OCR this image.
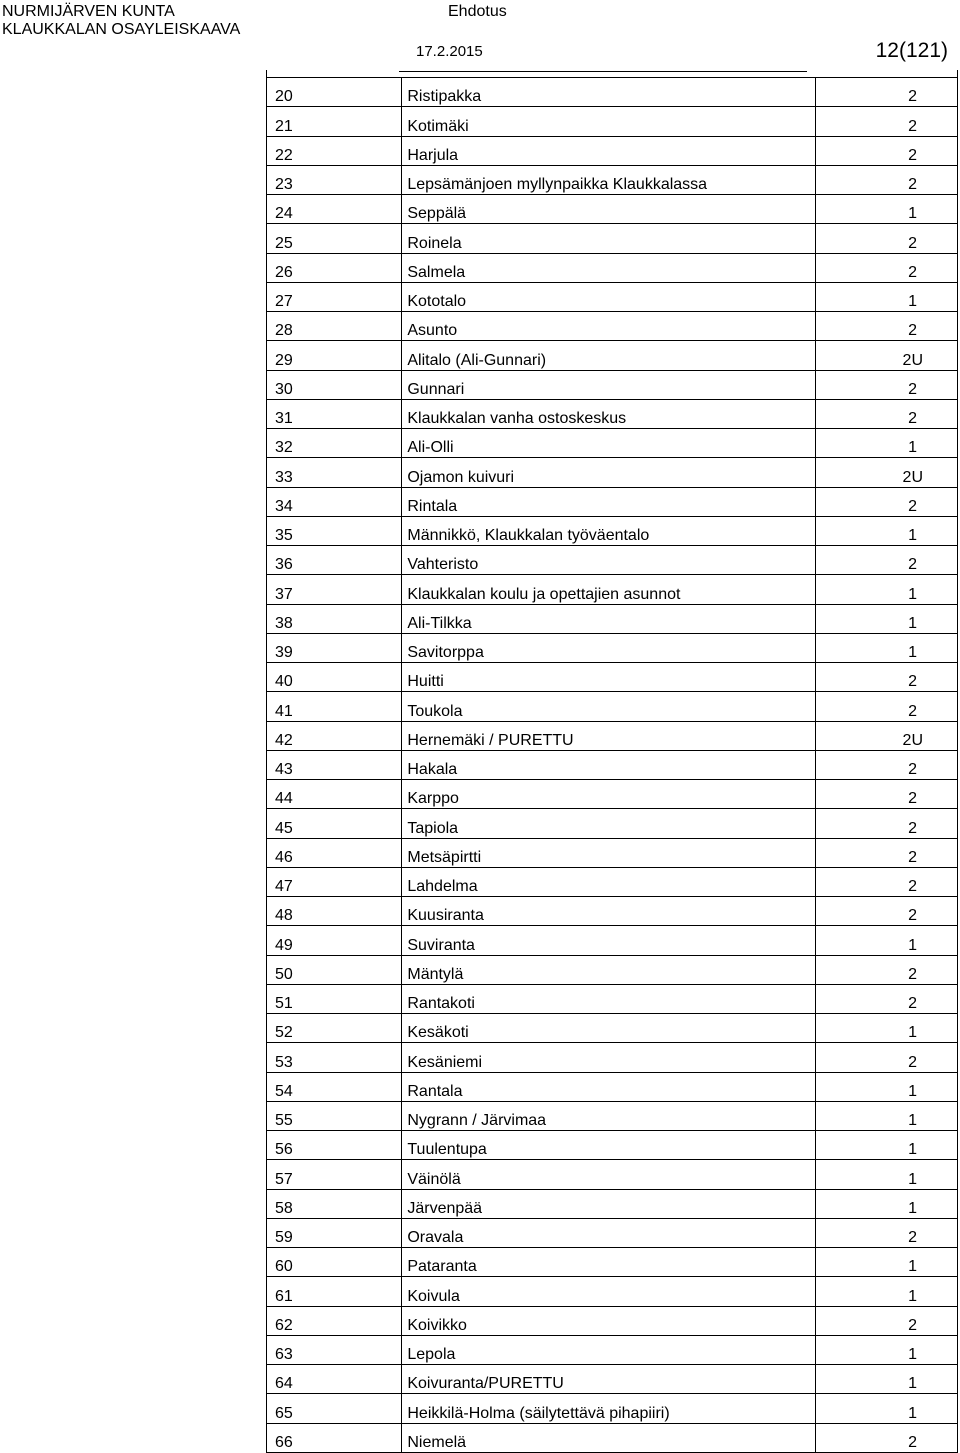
NURMIJÄRVEN KUNTA
KLAUKKALAN OSAYLEISKAAVA
Ehdotus
17.2.2015	12(121)
20	Ristipakka	2
21	Kotimäki	2
22	Harjula	2
23	Lepsämänjoen myllynpaikka Klaukkalassa	2
24	Seppälä	1
25	Roinela	2
26	Salmela	2
27	Kototalo	1
28	Asunto	2
29	Alitalo (Ali-Gunnari)	2U
30	Gunnari	2
31	Klaukkalan vanha ostoskeskus	2
32	Ali-Olli	1
33	Ojamon kuivuri	2U
34	Rintala	2
35	Männikkö, Klaukkalan työväentalo	1
36	Vahteristo	2
37	Klaukkalan koulu ja opettajien asunnot	1
38	Ali-Tilkka	1
39	Savitorppa	1
40	Huitti	2
41	Toukola	2
42	Hernemäki / PURETTU	2U
43	Hakala	2
44	Karppo	2
45	Tapiola	2
46	Metsäpirtti	2
47	Lahdelma	2
48	Kuusiranta	2
49	Suviranta	1
50	Mäntylä	2
51	Rantakoti	2
52	Kesäkoti	1
53	Kesäniemi	2
54	Rantala	1
55	Nygrann / Järvimaa	1
56	Tuulentupa	1
57	Väinölä	1
58	Järvenpää	1
59	Oravala	2
60	Pataranta	1
61	Koivula	1
62	Koivikko	2
63	Lepola	1
64	Koivuranta/PURETTU	1
65	Heikkilä-Holma (säilytettävä pihapiiri)	1
66	Niemelä	2
